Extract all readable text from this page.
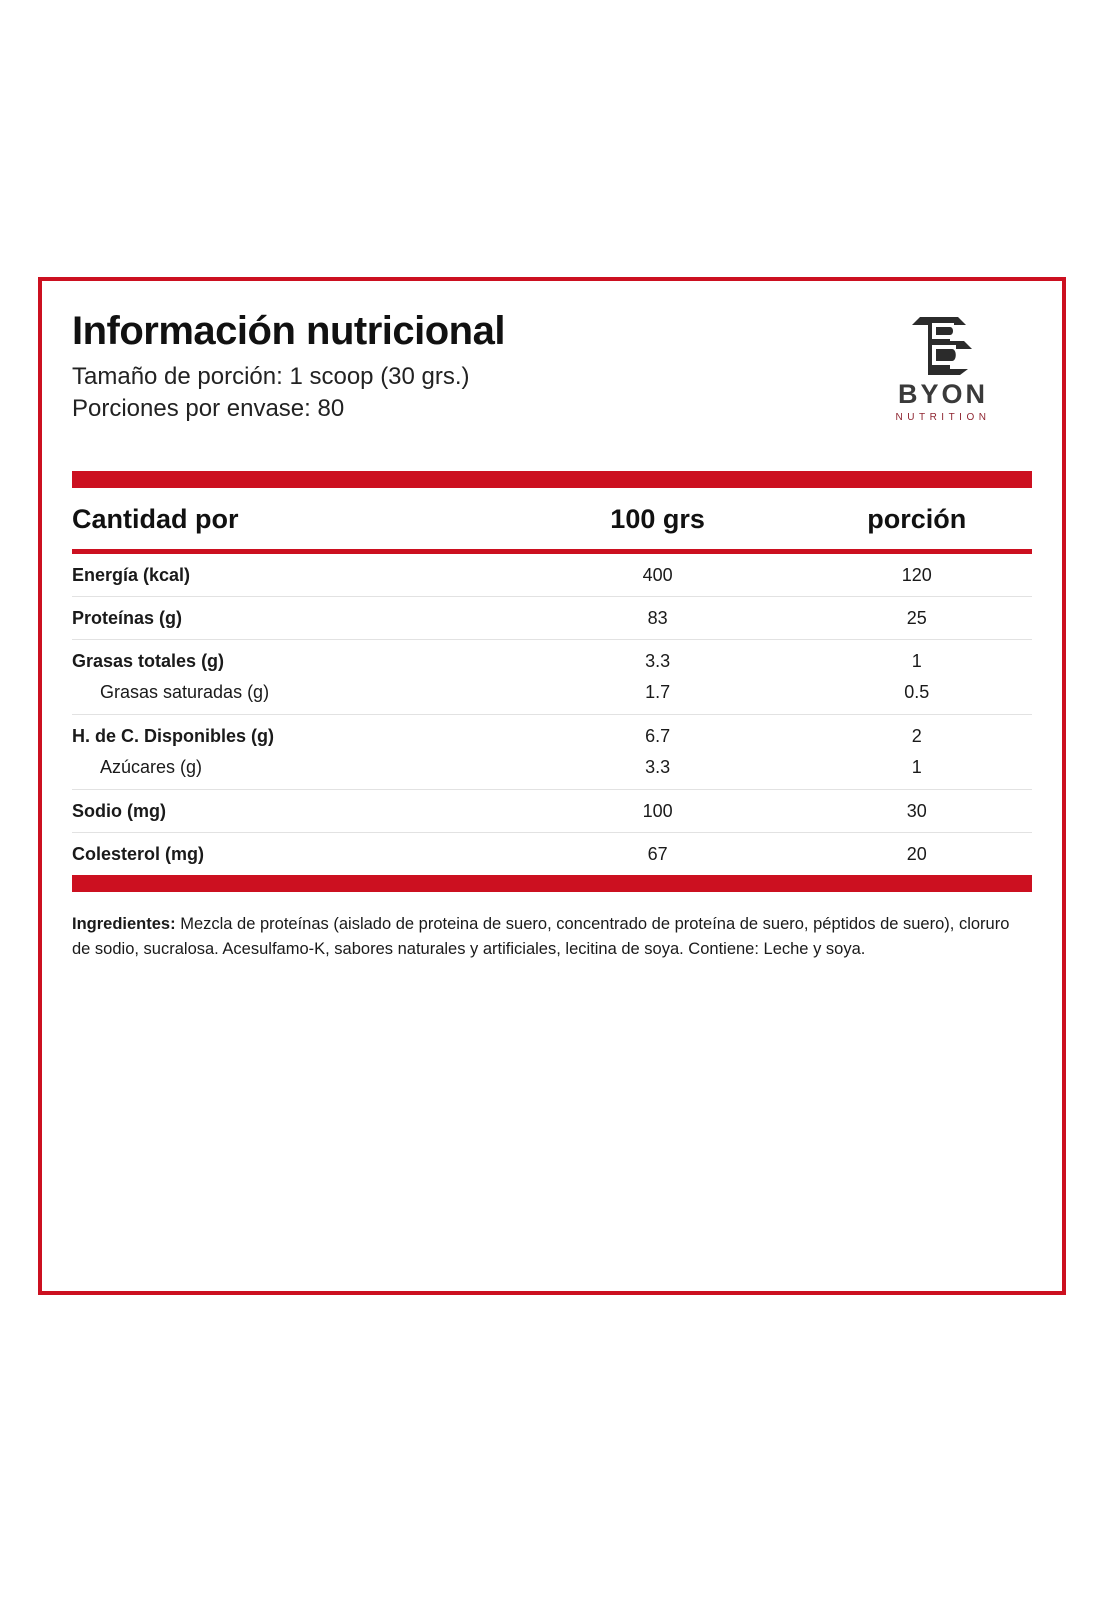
Información nutricional

Tamaño de porción: 1 scoop (30 grs.)

Porciones por envase: 80	BYON
NUTRITION
Cantidad por	100 grs	porción
Energía (kcal)	400	120
Proteínas (g)	83	25
Grasas totales (g)	3.3	1
Grasas saturadas (g)	1.7	0.5
H. de C. Disponibles (g)	6.7	2
Azúcares (g)	3.3	1
Sodio (mg)	100	30
Colesterol (mg)	67	20

Ingredientes: Mezcla de proteínas (aislado de proteina de suero, concentrado de proteína de suero, péptidos de suero), cloruro de sodio, sucralosa. Acesulfamo-K, sabores naturales y artificiales, lecitina de soya. Contiene: Leche y soya.
